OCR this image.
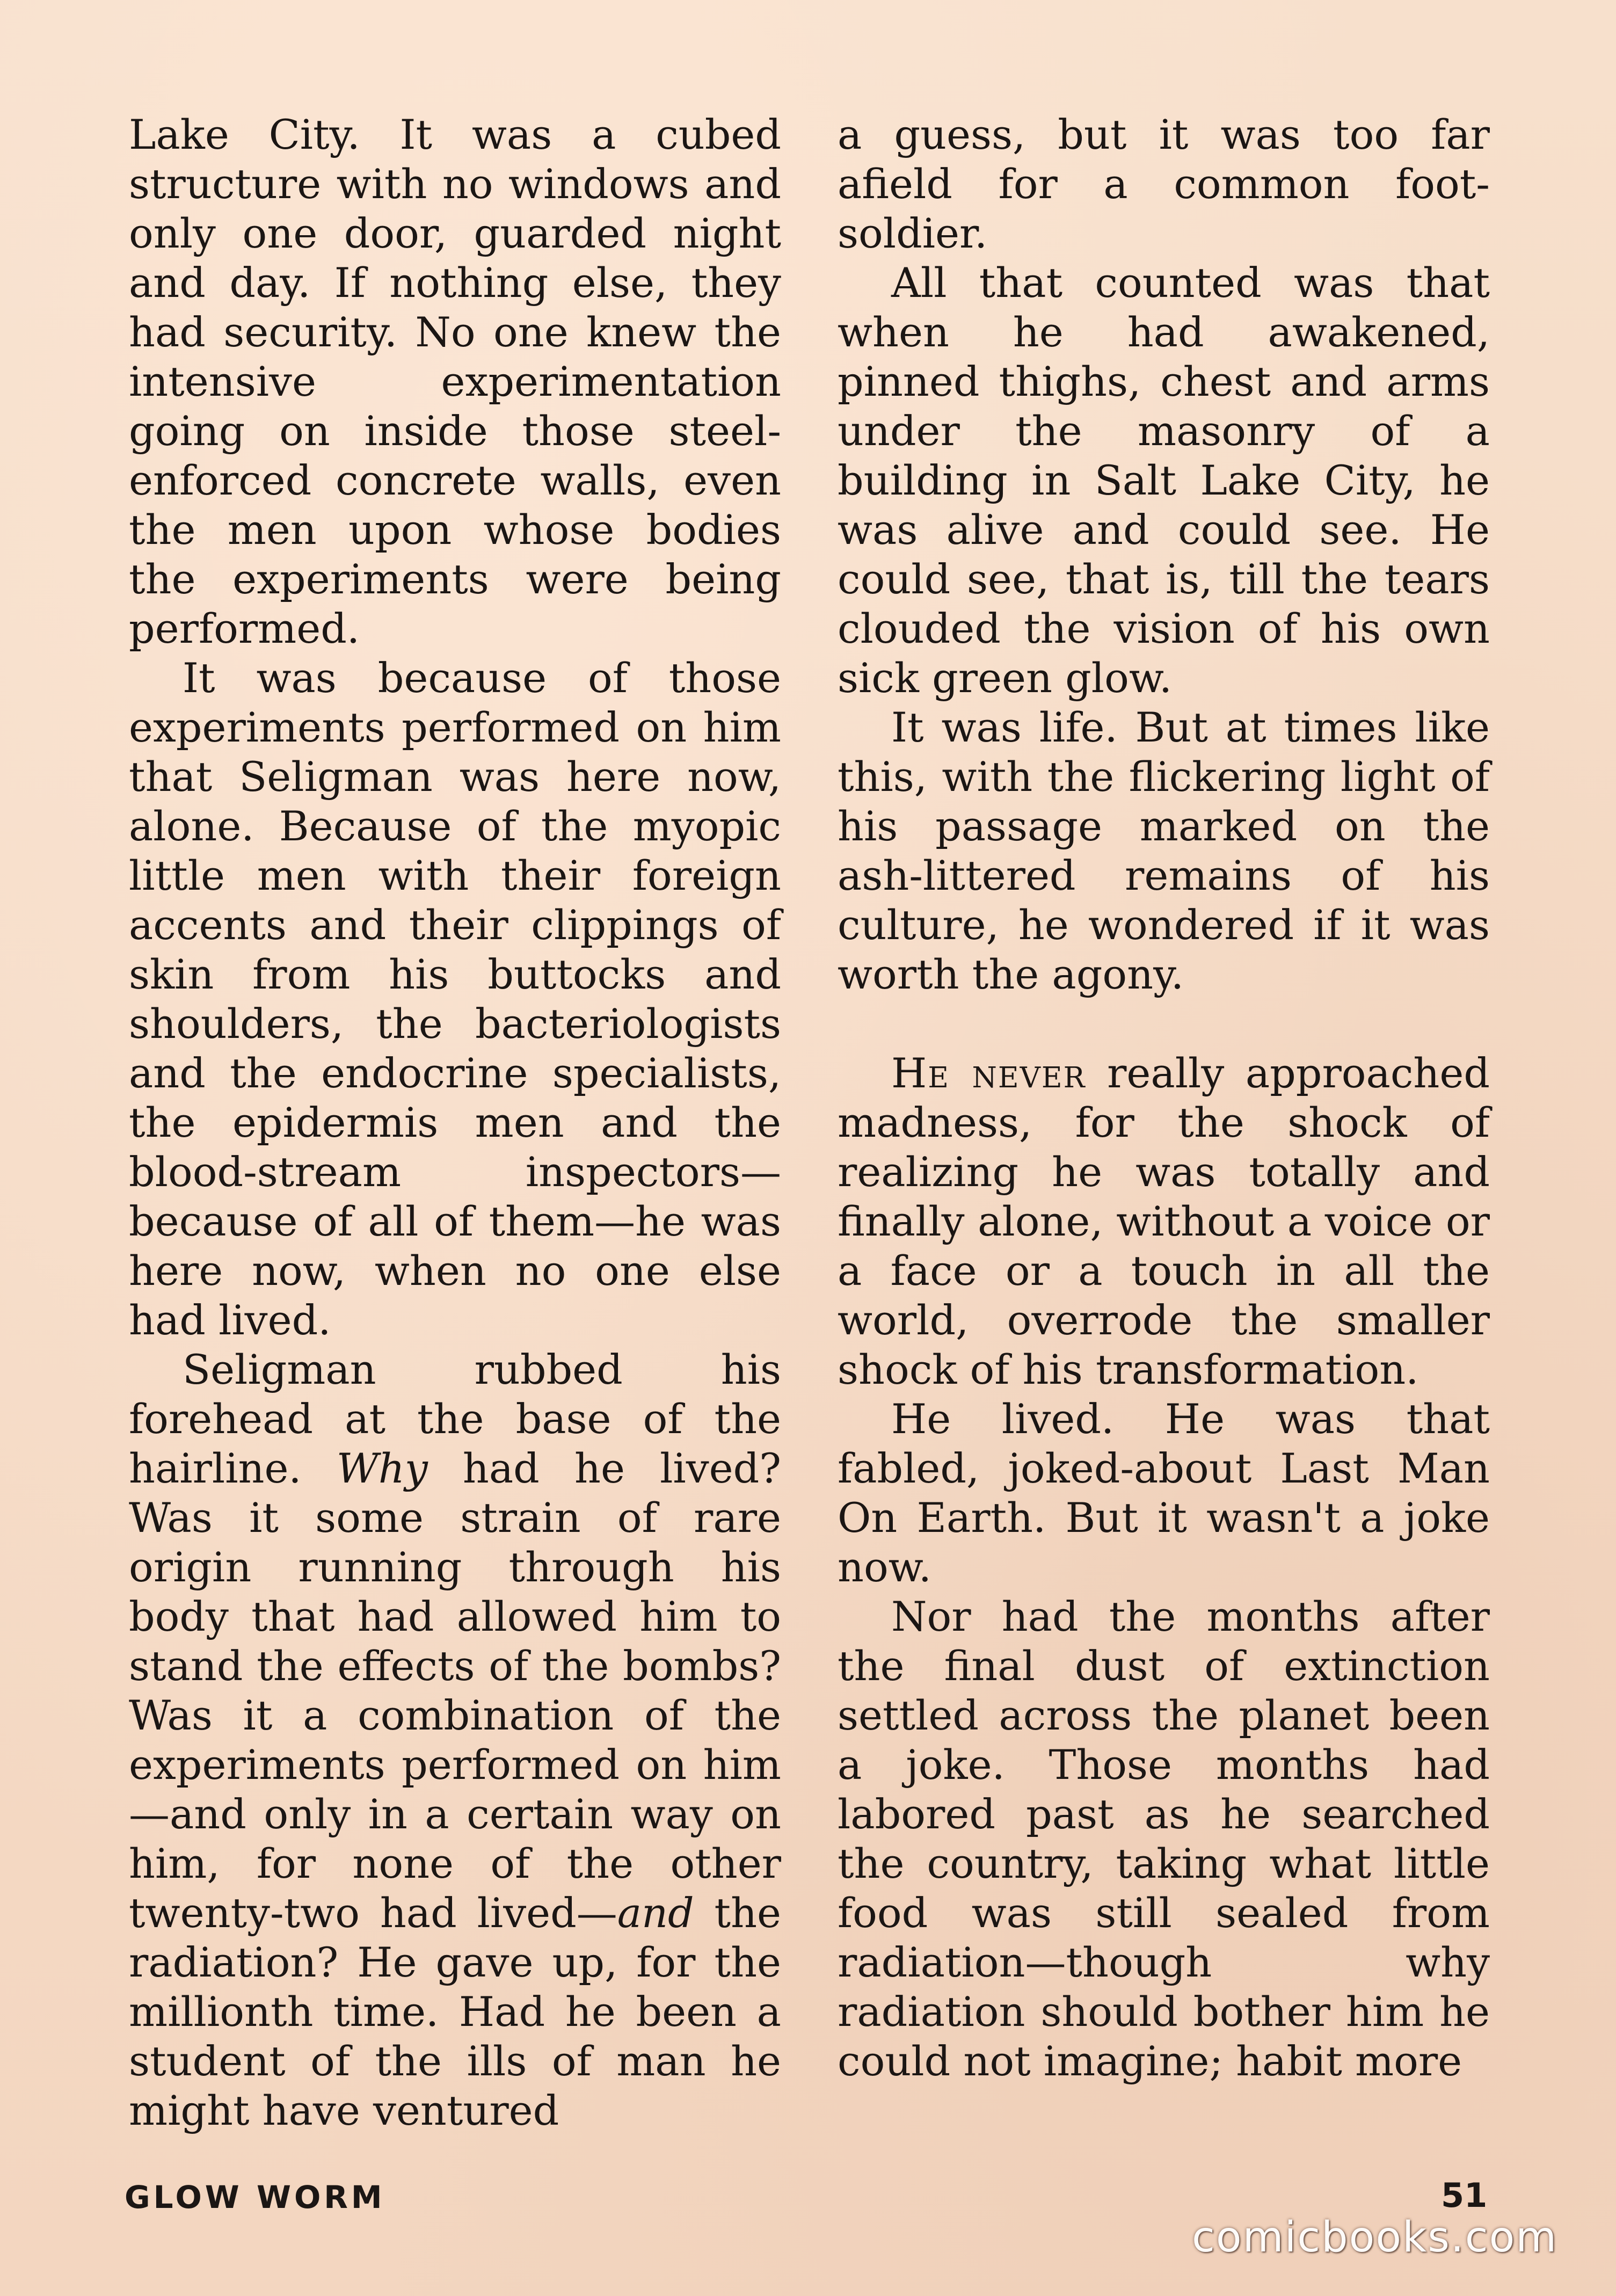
Lake City. It was a cubed structure with no windows and only one door, guarded night and day. If nothing else, they had security. No one knew the intensive experimentation going on inside those steel-enforced concrete walls, even the men upon whose bodies the experiments were being performed.

It was because of those experiments performed on him that Seligman was here now, alone. Because of the myopic little men with their foreign accents and their clippings of skin from his buttocks and shoulders, the bacteriologists and the endocrine specialists, the epidermis men and the blood-stream inspectors—because of all of them—he was here now, when no one else had lived.

Seligman rubbed his forehead at the base of the hairline. Why had he lived? Was it some strain of rare origin running through his body that had allowed him to stand the effects of the bombs? Was it a combination of the experiments performed on him—and only in a certain way on him, for none of the other twenty-two had lived—and the radiation? He gave up, for the millionth time. Had he been a student of the ills of man he might have ventured

a guess, but it was too far afield for a common foot-soldier.

All that counted was that when he had awakened, pinned thighs, chest and arms under the masonry of a building in Salt Lake City, he was alive and could see. He could see, that is, till the tears clouded the vision of his own sick green glow.

It was life. But at times like this, with the flickering light of his passage marked on the ash-littered remains of his culture, he wondered if it was worth the agony.

He never really approached madness, for the shock of realizing he was totally and finally alone, without a voice or a face or a touch in all the world, overrode the smaller shock of his transformation.

He lived. He was that fabled, joked-about Last Man On Earth. But it wasn't a joke now.

Nor had the months after the final dust of extinction settled across the planet been a joke. Those months had labored past as he searched the country, taking what little food was still sealed from radiation—though why radiation should bother him he could not imagine; habit more

GLOW WORM	51
comicbooks.com
